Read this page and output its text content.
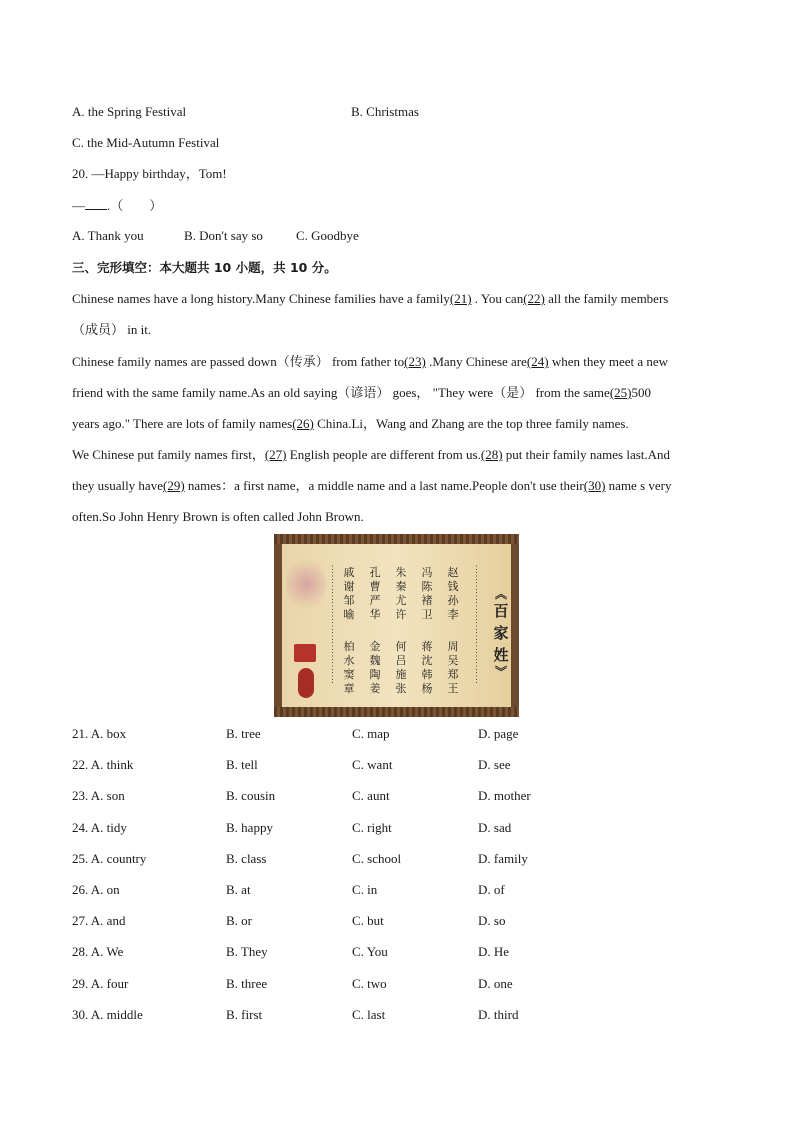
A. the Spring Festival	B. Christmas
C. the Mid-Autumn Festival
20. —Happy birthday，Tom!
— .（　　）
A. Thank you	B. Don't say so	C. Goodbye
三、完形填空：本大题共 10 小题，共 10 分。
Chinese names have a long history.Many Chinese families have a family(21) . You can(22) all the family members
（成员） in it.
Chinese family names are passed down（传承） from father to(23) .Many Chinese are(24) when they meet a new
friend with the same family name.As an old saying（谚语） goes， "They were（是） from the same(25)500
years ago." There are lots of family names(26) China.Li，Wang and Zhang are the top three family names.
We Chinese put family names first，(27) English people are different from us.(28) put their family names last.And
they usually have(29) names：a first name，a middle name and a last name.People don't use their(30) name s very
often.So John Henry Brown is often called John Brown.
⋮
⋮
⋮
⋮
⋮
⋮
⋮
⋮
⋮
⋮
⋮
⋮
⋮
⋮
⋮
⋮
⋮
⋮
⋮
⋮
⋮
⋮
⋮
⋮
︽
百
家
姓
︾
赵
钱
孙
李
周
吴
郑
王
冯
陈
褚
卫
蒋
沈
韩
杨
朱
秦
尤
许
何
吕
施
张
孔
曹
严
华
金
魏
陶
姜
戚
谢
邹
喻
柏
水
窦
章
21. A. box	B. tree	C. map	D. page
22. A. think	B. tell	C. want	D. see
23. A. son	B. cousin	C. aunt	D. mother
24. A. tidy	B. happy	C. right	D. sad
25. A. country	B. class	C. school	D. family
26. A. on	B. at	C. in	D. of
27. A. and	B. or	C. but	D. so
28. A. We	B. They	C. You	D. He
29. A. four	B. three	C. two	D. one
30. A. middle	B. first	C. last	D. third
